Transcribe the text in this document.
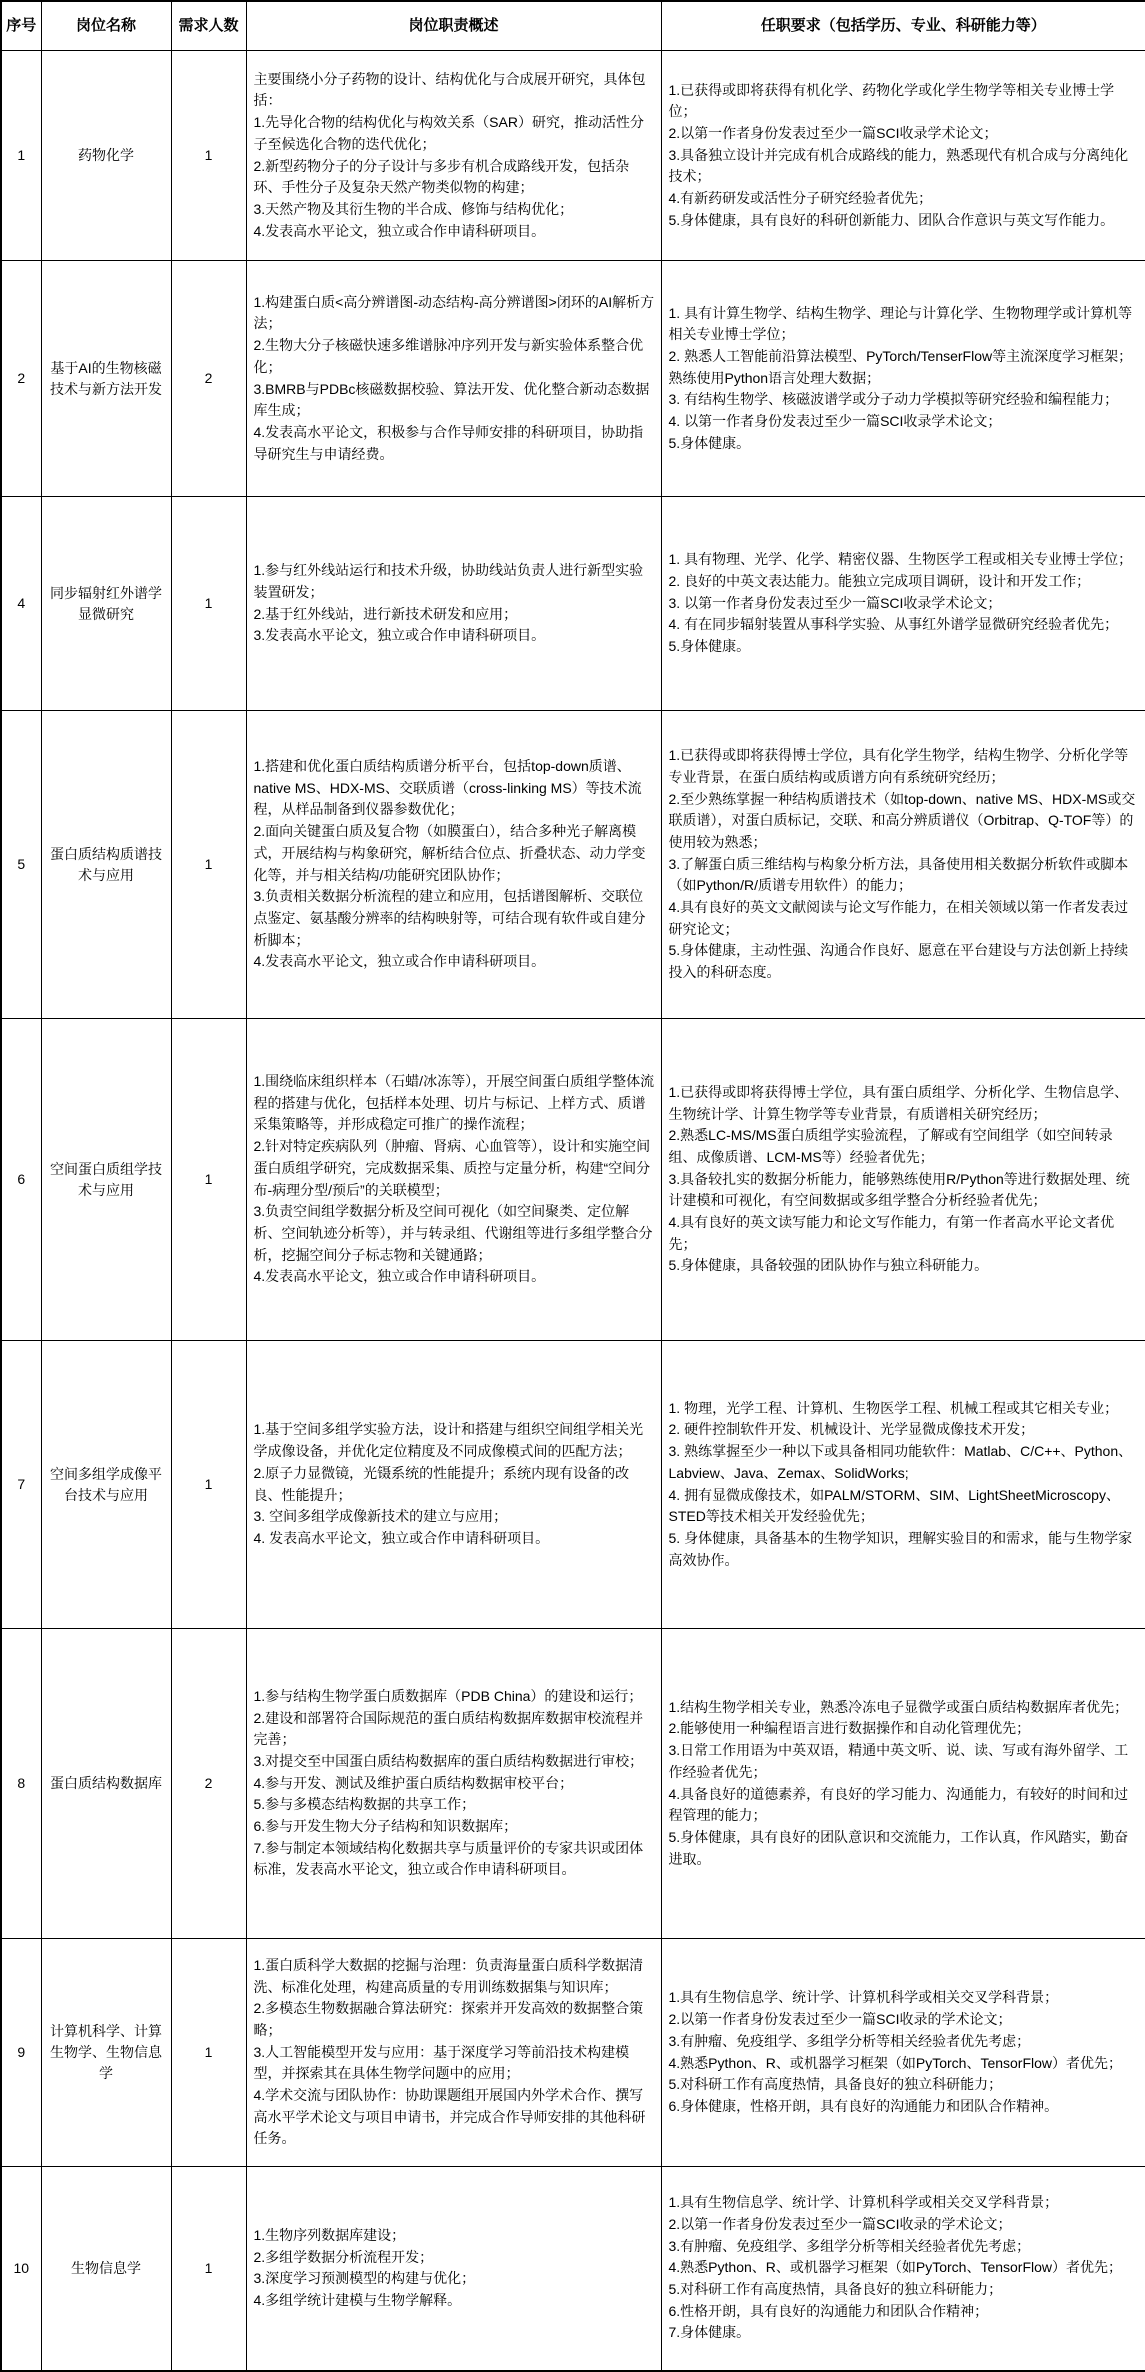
序号	岗位名称	需求人数	岗位职责概述	任职要求（包括学历、专业、科研能力等）
1	药物化学	1	
主要围绕小分子药物的设计、结构优化与合成展开研究，具体包括：
1.先导化合物的结构优化与构效关系（SAR）研究，推动活性分子至候选化合物的迭代优化；
2.新型药物分子的分子设计与多步有机合成路线开发，包括杂环、手性分子及复杂天然产物类似物的构建；
3.天然产物及其衍生物的半合成、修饰与结构优化；
4.发表高水平论文，独立或合作申请科研项目。

1.已获得或即将获得有机化学、药物化学或化学生物学等相关专业博士学位；
2.以第一作者身份发表过至少一篇SCI收录学术论文；
3.具备独立设计并完成有机合成路线的能力，熟悉现代有机合成与分离纯化技术；
4.有新药研发或活性分子研究经验者优先；
5.身体健康，具有良好的科研创新能力、团队合作意识与英文写作能力。

2	基于AI的生物核磁技术与新方法开发	2	
1.构建蛋白质<高分辨谱图-动态结构-高分辨谱图>闭环的AI解析方法；
2.生物大分子核磁快速多维谱脉冲序列开发与新实验体系整合优化；
3.BMRB与PDBc核磁数据校验、算法开发、优化整合新动态数据库生成；
4.发表高水平论文，积极参与合作导师安排的科研项目，协助指导研究生与申请经费。

1. 具有计算生物学、结构生物学、理论与计算化学、生物物理学或计算机等相关专业博士学位；
2. 熟悉人工智能前沿算法模型、PyTorch/TenserFlow等主流深度学习框架；熟练使用Python语言处理大数据；
3. 有结构生物学、核磁波谱学或分子动力学模拟等研究经验和编程能力；
4. 以第一作者身份发表过至少一篇SCI收录学术论文；
5.身体健康。

4	同步辐射红外谱学显微研究	1	
1.参与红外线站运行和技术升级，协助线站负责人进行新型实验装置研发；
2.基于红外线站，进行新技术研发和应用；
3.发表高水平论文，独立或合作申请科研项目。

1. 具有物理、光学、化学、精密仪器、生物医学工程或相关专业博士学位；
2. 良好的中英文表达能力。能独立完成项目调研，设计和开发工作；
3. 以第一作者身份发表过至少一篇SCI收录学术论文；
4. 有在同步辐射装置从事科学实验、从事红外谱学显微研究经验者优先；
5.身体健康。

5	蛋白质结构质谱技术与应用	1	
1.搭建和优化蛋白质结构质谱分析平台，包括top-down质谱、native MS、HDX-MS、交联质谱（cross-linking MS）等技术流程，从样品制备到仪器参数优化；
2.面向关键蛋白质及复合物（如膜蛋白），结合多种光子解离模式，开展结构与构象研究，解析结合位点、折叠状态、动力学变化等，并与相关结构/功能研究团队协作；
3.负责相关数据分析流程的建立和应用，包括谱图解析、交联位点鉴定、氨基酸分辨率的结构映射等，可结合现有软件或自建分析脚本；
4.发表高水平论文，独立或合作申请科研项目。

1.已获得或即将获得博士学位，具有化学生物学，结构生物学、分析化学等专业背景，在蛋白质结构或质谱方向有系统研究经历；
2.至少熟练掌握一种结构质谱技术（如top-down、native MS、HDX-MS或交联质谱），对蛋白质标记，交联、和高分辨质谱仪（Orbitrap、Q-TOF等）的使用较为熟悉；
3.了解蛋白质三维结构与构象分析方法，具备使用相关数据分析软件或脚本（如Python/R/质谱专用软件）的能力；
4.具有良好的英文文献阅读与论文写作能力，在相关领域以第一作者发表过研究论文；
5.身体健康，主动性强、沟通合作良好、愿意在平台建设与方法创新上持续投入的科研态度。

6	空间蛋白质组学技术与应用	1	
1.围绕临床组织样本（石蜡/冰冻等），开展空间蛋白质组学整体流程的搭建与优化，包括样本处理、切片与标记、上样方式、质谱采集策略等，并形成稳定可推广的操作流程；
2.针对特定疾病队列（肿瘤、肾病、心血管等），设计和实施空间蛋白质组学研究，完成数据采集、质控与定量分析，构建“空间分布-病理分型/预后”的关联模型；
3.负责空间组学数据分析及空间可视化（如空间聚类、定位解析、空间轨迹分析等），并与转录组、代谢组等进行多组学整合分析，挖掘空间分子标志物和关键通路；
4.发表高水平论文，独立或合作申请科研项目。

1.已获得或即将获得博士学位，具有蛋白质组学、分析化学、生物信息学、生物统计学、计算生物学等专业背景，有质谱相关研究经历；
2.熟悉LC-MS/MS蛋白质组学实验流程，了解或有空间组学（如空间转录组、成像质谱、LCM-MS等）经验者优先；
3.具备较扎实的数据分析能力，能够熟练使用R/Python等进行数据处理、统计建模和可视化，有空间数据或多组学整合分析经验者优先；
4.具有良好的英文读写能力和论文写作能力，有第一作者高水平论文者优先；
5.身体健康，具备较强的团队协作与独立科研能力。

7	空间多组学成像平台技术与应用	1	
1.基于空间多组学实验方法，设计和搭建与组织空间组学相关光学成像设备，并优化定位精度及不同成像模式间的匹配方法；
2.原子力显微镜，光镊系统的性能提升；系统内现有设备的改良、性能提升；
3. 空间多组学成像新技术的建立与应用；
4. 发表高水平论文，独立或合作申请科研项目。

1. 物理，光学工程、计算机、生物医学工程、机械工程或其它相关专业；
2. 硬件控制软件开发、机械设计、光学显微成像技术开发；
3. 熟练掌握至少一种以下或具备相同功能软件：Matlab、C/C++、Python、Labview、Java、Zemax、SolidWorks;
4. 拥有显微成像技术，如PALM/STORM、SIM、LightSheetMicroscopy、STED等技术相关开发经验优先；
5. 身体健康，具备基本的生物学知识，理解实验目的和需求，能与生物学家高效协作。

8	蛋白质结构数据库	2	
1.参与结构生物学蛋白质数据库（PDB China）的建设和运行；
2.建设和部署符合国际规范的蛋白质结构数据库数据审校流程并完善；
3.对提交至中国蛋白质结构数据库的蛋白质结构数据进行审校；
4.参与开发、测试及维护蛋白质结构数据审校平台；
5.参与多模态结构数据的共享工作；
6.参与开发生物大分子结构和知识数据库；
7.参与制定本领域结构化数据共享与质量评价的专家共识或团体标准，发表高水平论文，独立或合作申请科研项目。

1.结构生物学相关专业，熟悉冷冻电子显微学或蛋白质结构数据库者优先；
2.能够使用一种编程语言进行数据操作和自动化管理优先；
3.日常工作用语为中英双语，精通中英文听、说、读、写或有海外留学、工作经验者优先；
4.具备良好的道德素养，有良好的学习能力、沟通能力，有较好的时间和过程管理的能力；
5.身体健康，具有良好的团队意识和交流能力，工作认真，作风踏实，勤奋进取。

9	计算机科学、计算生物学、生物信息学	1	
1.蛋白质科学大数据的挖掘与治理：负责海量蛋白质科学数据清洗、标准化处理，构建高质量的专用训练数据集与知识库；
2.多模态生物数据融合算法研究：探索并开发高效的数据整合策略；
3.人工智能模型开发与应用：基于深度学习等前沿技术构建模型，并探索其在具体生物学问题中的应用；
4.学术交流与团队协作：协助课题组开展国内外学术合作、撰写高水平学术论文与项目申请书，并完成合作导师安排的其他科研任务。

1.具有生物信息学、统计学、计算机科学或相关交叉学科背景；
2.以第一作者身份发表过至少一篇SCI收录的学术论文；
3.有肿瘤、免疫组学、多组学分析等相关经验者优先考虑；
4.熟悉Python、R、或机器学习框架（如PyTorch、TensorFlow）者优先；
5.对科研工作有高度热情，具备良好的独立科研能力；
6.身体健康，性格开朗，具有良好的沟通能力和团队合作精神。

10	生物信息学	1	
1.生物序列数据库建设；
2.多组学数据分析流程开发；
3.深度学习预测模型的构建与优化；
4.多组学统计建模与生物学解释。

1.具有生物信息学、统计学、计算机科学或相关交叉学科背景；
2.以第一作者身份发表过至少一篇SCI收录的学术论文；
3.有肿瘤、免疫组学、多组学分析等相关经验者优先考虑；
4.熟悉Python、R、或机器学习框架（如PyTorch、TensorFlow）者优先；
5.对科研工作有高度热情，具备良好的独立科研能力；
6.性格开朗，具有良好的沟通能力和团队合作精神；
7.身体健康。
